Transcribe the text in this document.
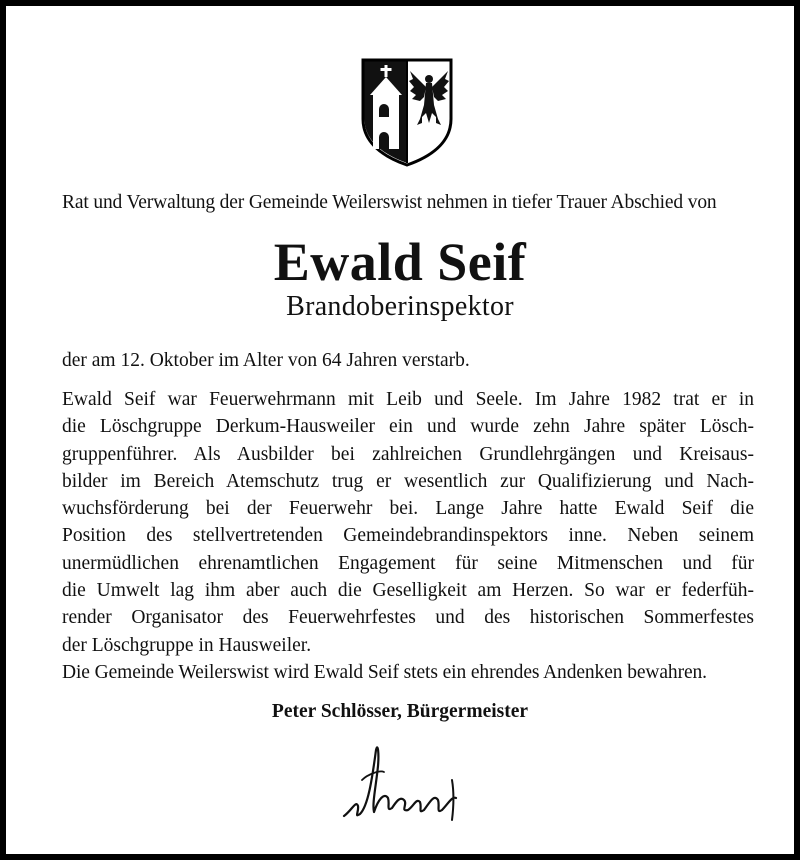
Rat und Verwaltung der Gemeinde Weilerswist nehmen in tiefer Trauer Abschied von
Ewald Seif
Brandoberinspektor
der am 12. Oktober im Alter von 64 Jahren verstarb.
Ewald Seif war Feuerwehrmann mit Leib und Seele. Im Jahre 1982 trat er in
die Löschgruppe Derkum-Hausweiler ein und wurde zehn Jahre später Lösch-
gruppenführer. Als Ausbilder bei zahlreichen Grundlehrgängen und Kreisaus-
bilder im Bereich Atemschutz trug er wesentlich zur Qualifizierung und Nach-
wuchsförderung bei der Feuerwehr bei. Lange Jahre hatte Ewald Seif die
Position des stellvertretenden Gemeindebrandinspektors inne. Neben seinem
unermüdlichen ehrenamtlichen Engagement für seine Mitmenschen und für
die Umwelt lag ihm aber auch die Geselligkeit am Herzen. So war er federfüh-
render Organisator des Feuerwehrfestes und des historischen Sommerfestes
der Löschgruppe in Hausweiler.
Die Gemeinde Weilerswist wird Ewald Seif stets ein ehrendes Andenken bewahren.
Peter Schlösser, Bürgermeister
